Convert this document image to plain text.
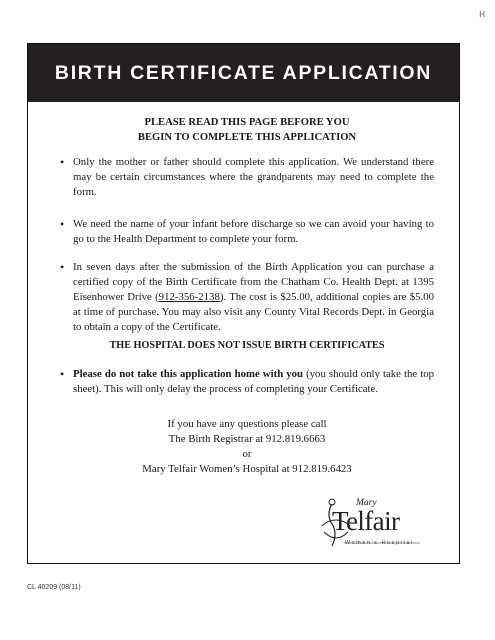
H
BIRTH CERTIFICATE APPLICATION

PLEASE READ THIS PAGE BEFORE YOU
BEGIN TO COMPLETE THIS APPLICATION

• Only the mother or father should complete this application. We understand there may be certain circumstances where the grandparents may need to complete the form.

• We need the name of your infant before discharge so we can avoid your having to go to the Health Department to complete your form.

• In seven days after the submission of the Birth Application you can purchase a certified copy of the Birth Certificate from the Chatham Co. Health Dept. at 1395 Eisenhower Drive (912-356-2138). The cost is $25.00, additional copies are $5.00 at time of purchase. You may also visit any County Vital Records Dept. in Georgia to obtain a copy of the Certificate.

THE HOSPITAL DOES NOT ISSUE BIRTH CERTIFICATES

• Please do not take this application home with you (you should only take the top sheet). This will only delay the process of completing your Certificate.

If you have any questions please call
The Birth Registrar at 912.819.6663
or
Mary Telfair Women’s Hospital at 912.819.6423

Mary
Telfair
Women’s Hospital
CL 40209 (08/11)
